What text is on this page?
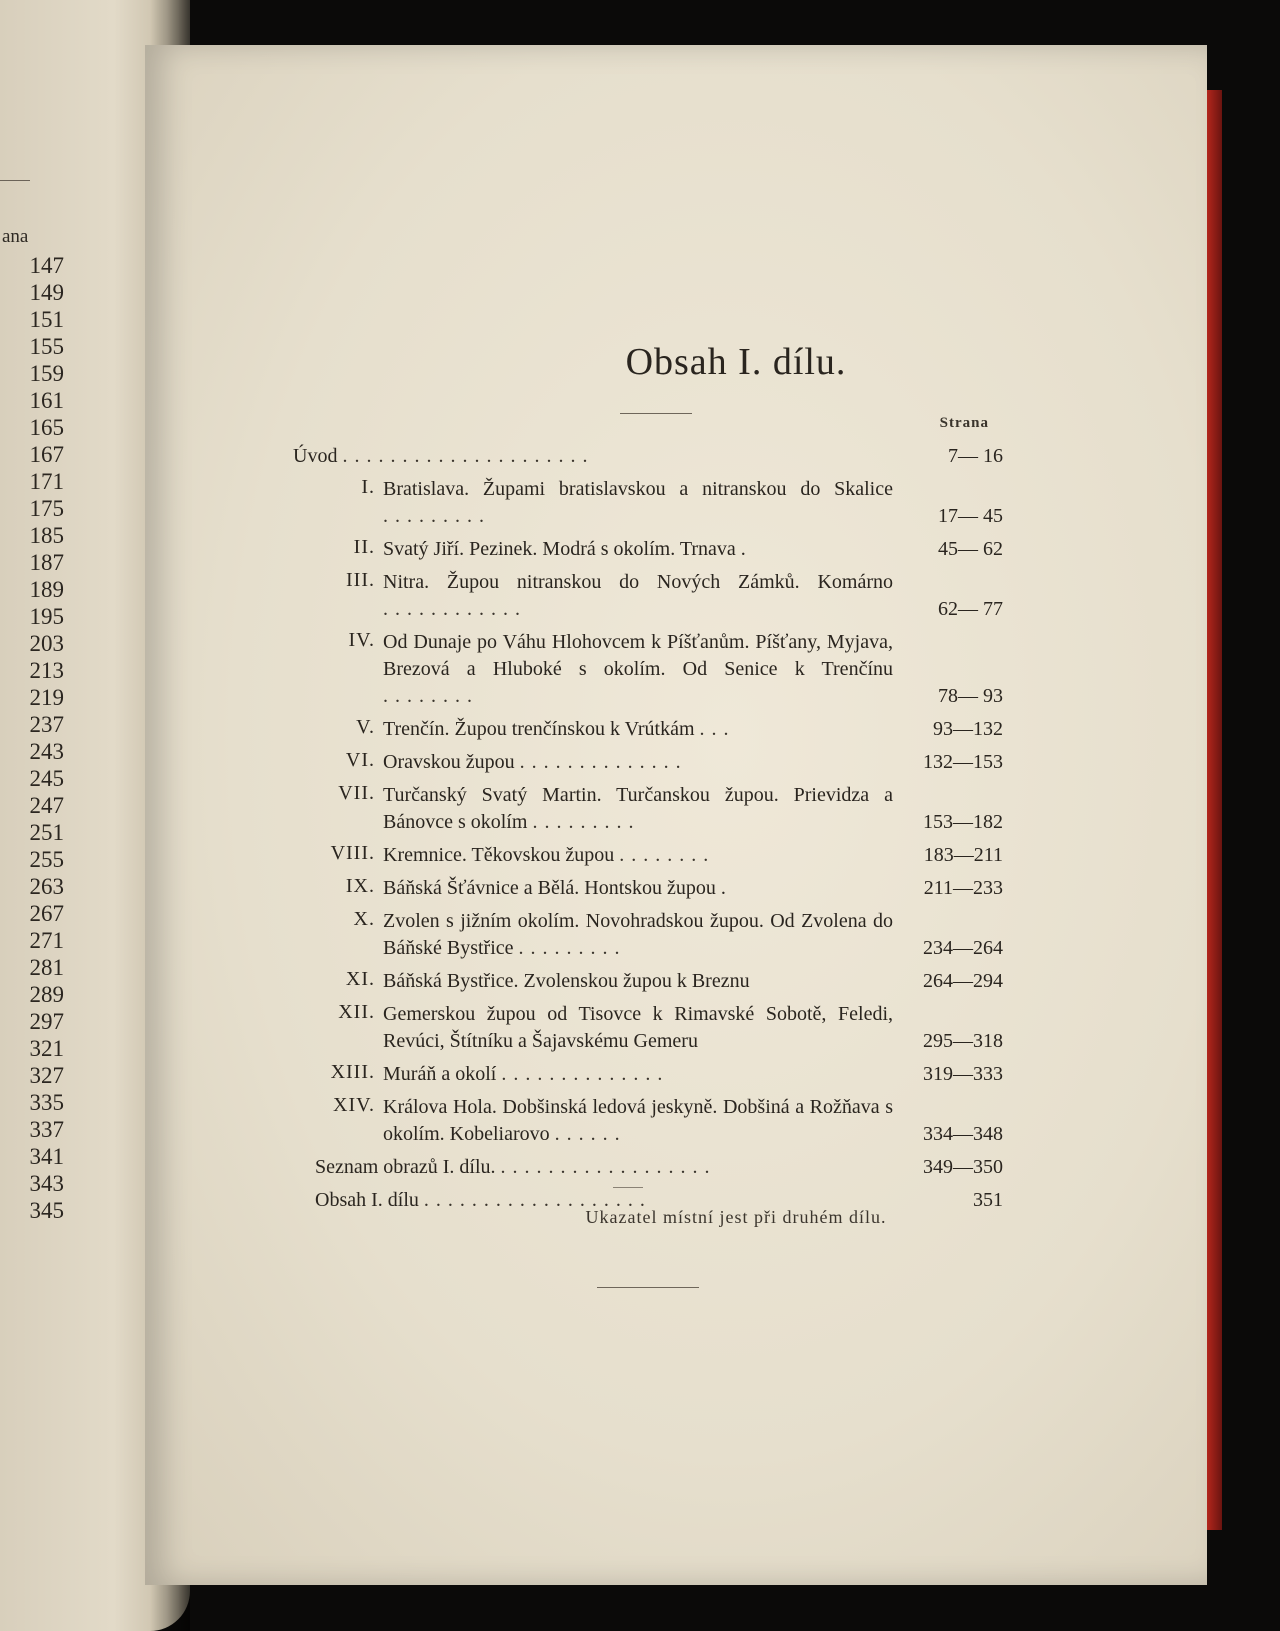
ana
147
149
151
155
159
161
165
167
171
175
185
187
189
195
203
213
219
237
243
245
247
251
255
263
267
271
281
289
297
321
327
335
337
341
343
345
Obsah I. dílu.
Strana
Úvod .....................	7— 16
I. Bratislava. Župami bratislavskou a nitranskou do Skalice .........	17— 45
II. Svatý Jiří. Pezinek. Modrá s okolím. Trnava .	45— 62
III. Nitra. Župou nitranskou do Nových Zámků. Komárno ............	62— 77
IV. Od Dunaje po Váhu Hlohovcem k Píšťanům. Píšťany, Myjava, Brezová a Hluboké s okolím. Od Senice k Trenčínu ........	78— 93
V. Trenčín. Župou trenčínskou k Vrútkám ...	93—132
VI. Oravskou župou ..............	132—153
VII. Turčanský Svatý Martin. Turčanskou župou. Prievidza a Bánovce s okolím .........	153—182
VIII. Kremnice. Těkovskou župou ........	183—211
IX. Báňská Šťávnice a Bělá. Hontskou župou .	211—233
X. Zvolen s jižním okolím. Novohradskou župou. Od Zvolena do Báňské Bystřice .........	234—264
XI. Báňská Bystřice. Zvolenskou župou k Breznu	264—294
XII. Gemerskou župou od Tisovce k Rimavské Sobotě, Feledi, Revúci, Štítníku a Šajavskému Gemeru	295—318
XIII. Muráň a okolí ..............	319—333
XIV. Králova Hola. Dobšinská ledová jeskyně. Dobšiná a Rožňava s okolím. Kobeliarovo ......	334—348
Seznam obrazů I. dílu. ..................	349—350
Obsah I. dílu ...................	351
Ukazatel místní jest při druhém dílu.
